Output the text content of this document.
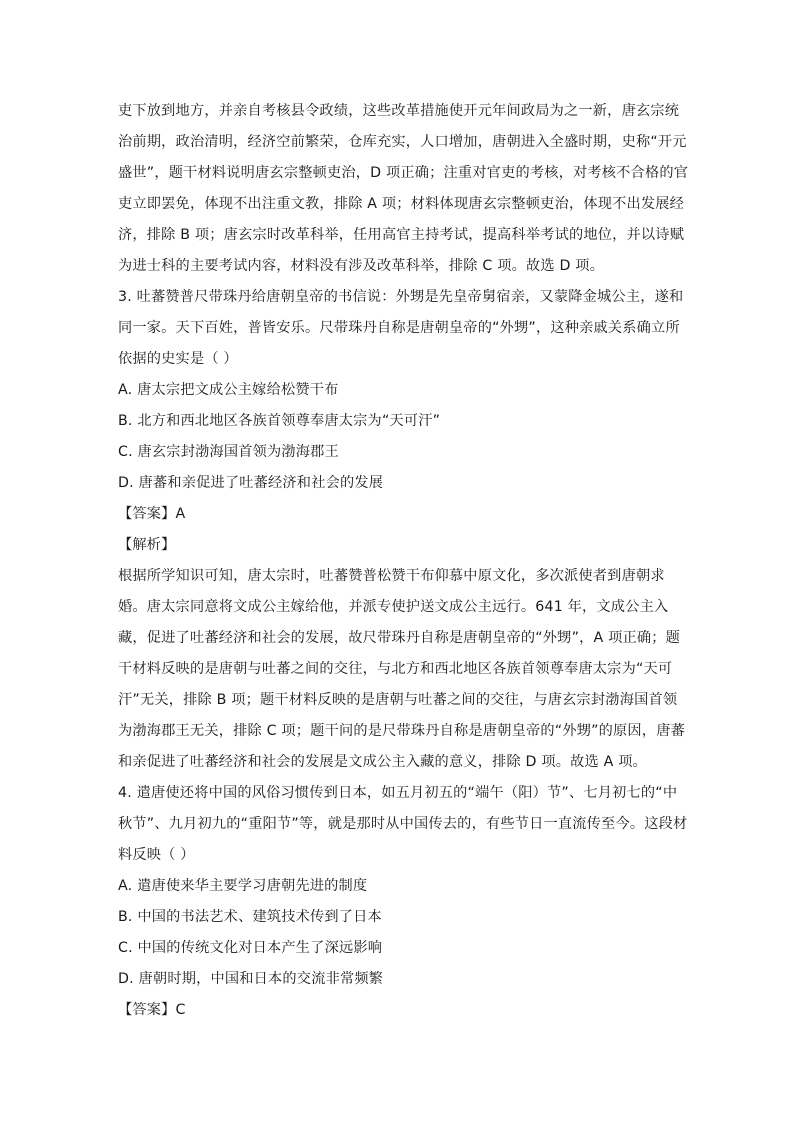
吏下放到地方，并亲自考核县令政绩，这些改革措施使开元年间政局为之一新，唐玄宗统
治前期，政治清明，经济空前繁荣，仓库充实，人口增加，唐朝进入全盛时期，史称“开元
盛世”，题干材料说明唐玄宗整顿吏治，D 项正确；注重对官吏的考核，对考核不合格的官
吏立即罢免，体现不出注重文教，排除 A 项；材料体现唐玄宗整顿吏治，体现不出发展经
济，排除 B 项；唐玄宗时改革科举，任用高官主持考试，提高科举考试的地位，并以诗赋
为进士科的主要考试内容，材料没有涉及改革科举，排除 C 项。故选 D 项。
3. 吐蕃赞普尺带珠丹给唐朝皇帝的书信说：外甥是先皇帝舅宿亲，又蒙降金城公主，遂和
同一家。天下百姓，普皆安乐。尺带珠丹自称是唐朝皇帝的“外甥”，这种亲戚关系确立所
依据的史实是（ ）
A. 唐太宗把文成公主嫁给松赞干布
B. 北方和西北地区各族首领尊奉唐太宗为“天可汗”
C. 唐玄宗封渤海国首领为渤海郡王
D. 唐蕃和亲促进了吐蕃经济和社会的发展
【答案】A
【解析】
根据所学知识可知，唐太宗时，吐蕃赞普松赞干布仰慕中原文化，多次派使者到唐朝求
婚。唐太宗同意将文成公主嫁给他，并派专使护送文成公主远行。641 年，文成公主入
藏，促进了吐蕃经济和社会的发展，故尺带珠丹自称是唐朝皇帝的“外甥”，A 项正确；题
干材料反映的是唐朝与吐蕃之间的交往，与北方和西北地区各族首领尊奉唐太宗为“天可
汗”无关，排除 B 项；题干材料反映的是唐朝与吐蕃之间的交往，与唐玄宗封渤海国首领
为渤海郡王无关，排除 C 项；题干问的是尺带珠丹自称是唐朝皇帝的“外甥”的原因，唐蕃
和亲促进了吐蕃经济和社会的发展是文成公主入藏的意义，排除 D 项。故选 A 项。
4. 遣唐使还将中国的风俗习惯传到日本，如五月初五的“端午（阳）节”、七月初七的“中
秋节”、九月初九的“重阳节”等，就是那时从中国传去的，有些节日一直流传至今。这段材
料反映（ ）
A. 遣唐使来华主要学习唐朝先进的制度
B. 中国的书法艺术、建筑技术传到了日本
C. 中国的传统文化对日本产生了深远影响
D. 唐朝时期，中国和日本的交流非常频繁
【答案】C
